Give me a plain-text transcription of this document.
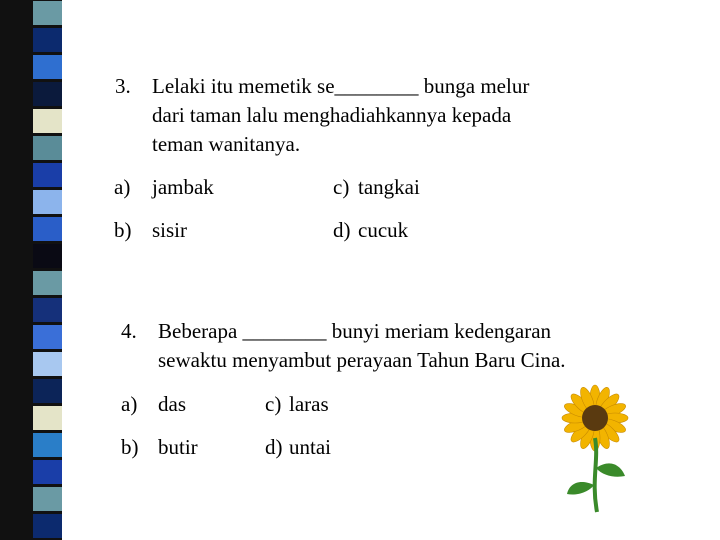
3. Lelaki itu memetik se________ bunga melur
dari taman lalu menghadiahkannya kepada
teman wanitanya.
a) jambak	c) tangkai
b) sisir	d) cucuk
4. Beberapa ________ bunyi meriam kedengaran
sewaktu menyambut perayaan Tahun Baru Cina.
a) das	c) laras
b) butir	d) untai
